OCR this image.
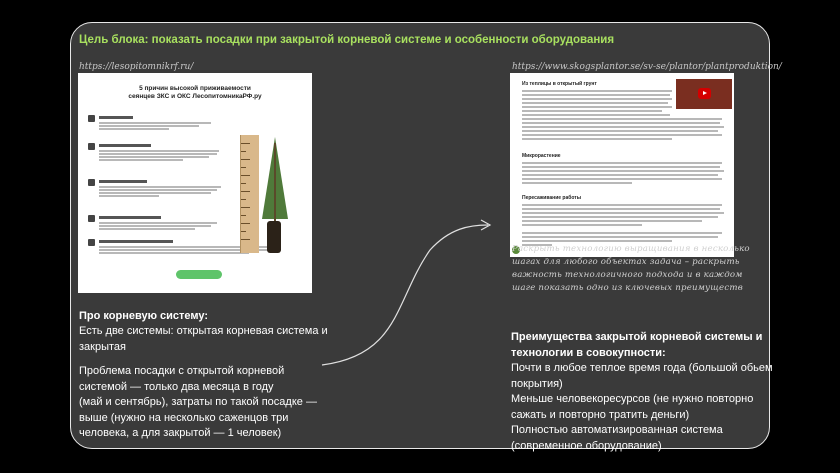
Цель блока: показать посадки при закрытой корневой системе и особенности оборудования
https://lesopitomnikrf.ru/	https://www.skogsplantor.se/sv-se/plantor/plantproduktion/
5 причин высокой приживаемости
сеянцев ЗКС и ОКС ЛесопитомникаРФ.ру
Из теплицы в открытый грунт
Микрорастение
Пересаживание работы
Раскрыть технологию выращивания в несколько шагах для любого объектах задача – раскрыть важность технологичного подхода и в каждом шаге показать одно из ключевых преимуществ
Про корневую систему:
Есть две системы: открытая корневая система и
закрытая
Проблема посадки с открытой корневой
системой — только два месяца в году
(май и сентябрь), затраты по такой посадке —
выше (нужно на несколько саженцов три
человека, а для закрытой — 1 человек)
Преимущества закрытой корневой системы и
технологии в совокупности:
Почти в любое теплое время года (большой обьем
покрытия)
Меньше человекоресурсов (не нужно повторно
сажать и повторно тратить деньги)
Полностью автоматизированная система
(современное оборудование)
